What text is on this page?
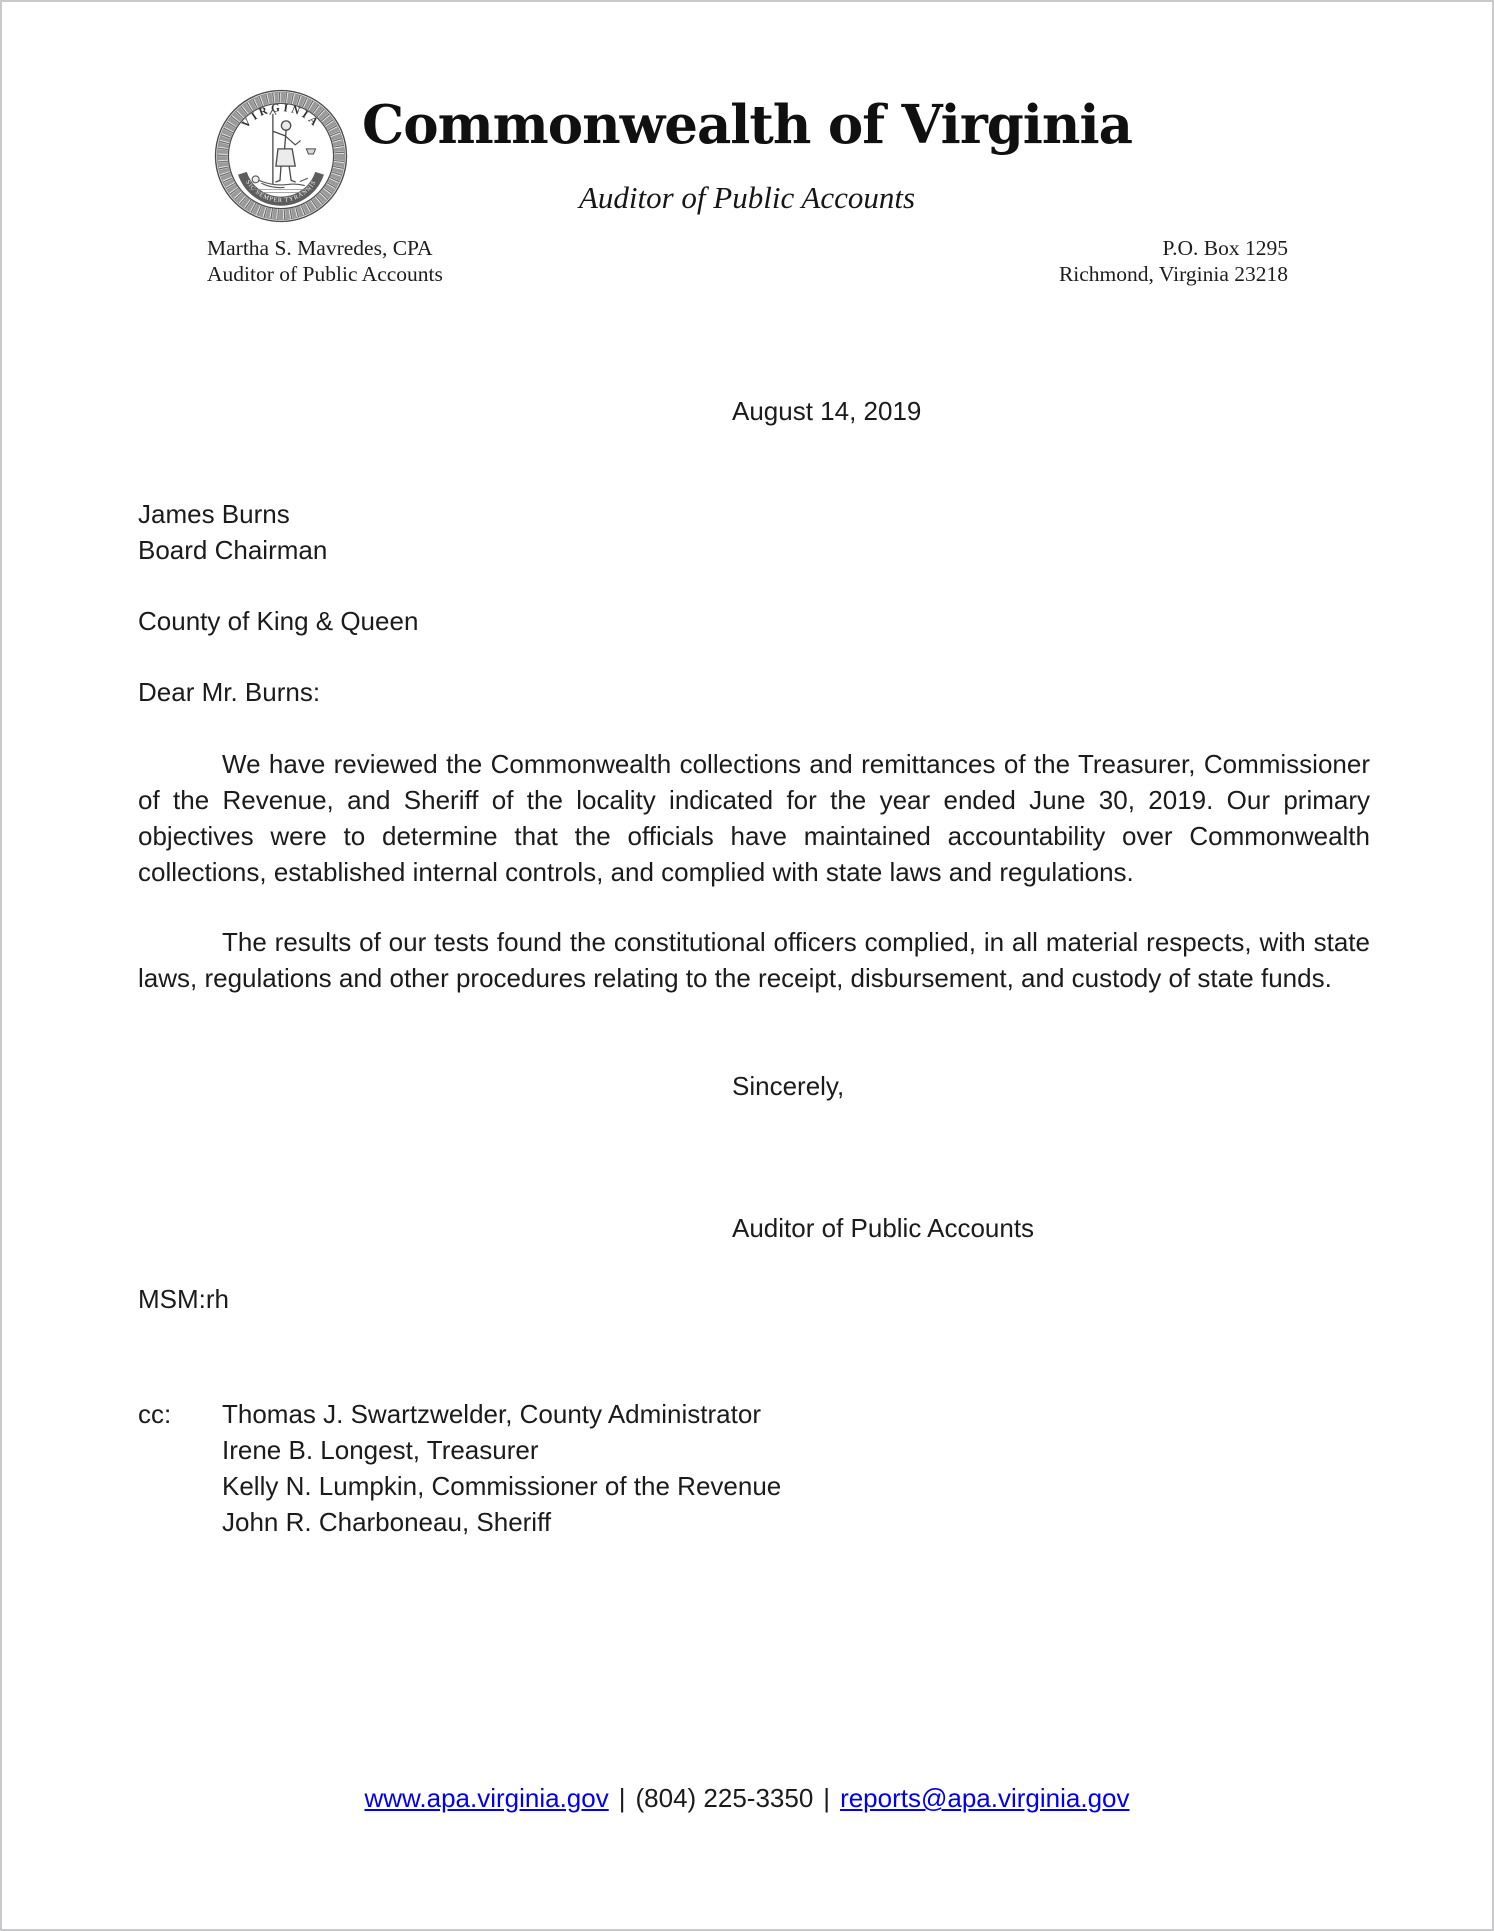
VIRGINIA
SIC SEMPER TYRANNIS
Commonwealth of Virginia
Auditor of Public Accounts
Martha S. Mavredes, CPA
Auditor of Public Accounts
P.O. Box 1295
Richmond, Virginia 23218
August 14, 2019
James Burns
Board Chairman
County of King & Queen
Dear Mr. Burns:

We have reviewed the Commonwealth collections and remittances of the Treasurer, Commissioner of the Revenue, and Sheriff of the locality indicated for the year ended June 30, 2019. Our primary objectives were to determine that the officials have maintained accountability over Commonwealth collections, established internal controls, and complied with state laws and regulations.

The results of our tests found the constitutional officers complied, in all material respects, with state laws, regulations and other procedures relating to the receipt, disbursement, and custody of state funds.

Sincerely,
Auditor of Public Accounts
MSM:rh
cc:	Thomas J. Swartzwelder, County Administrator
Irene B. Longest, Treasurer
Kelly N. Lumpkin, Commissioner of the Revenue
John R. Charboneau, Sheriff
www.apa.virginia.gov | (804) 225-3350 | reports@apa.virginia.gov
